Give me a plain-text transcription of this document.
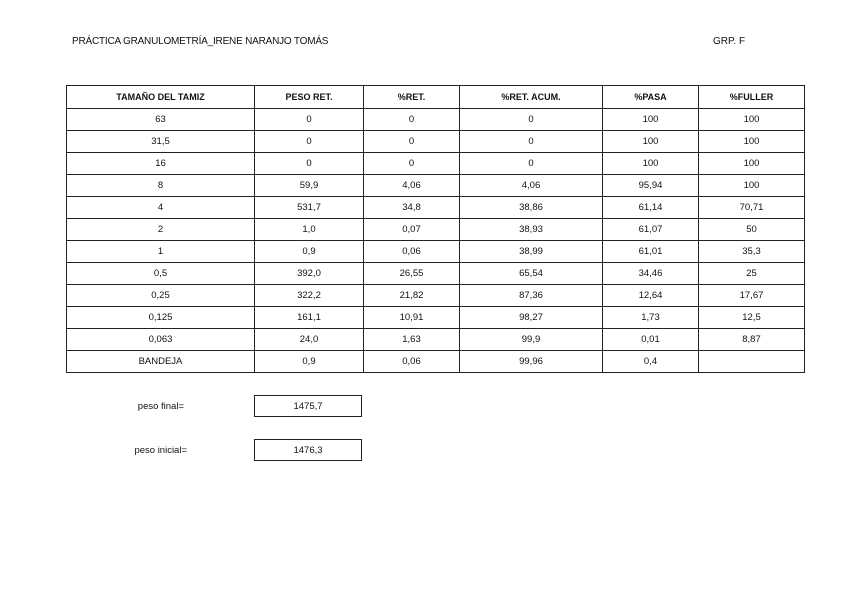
PRÁCTICA GRANULOMETRÍA_IRENE NARANJO TOMÁS	GRP. F
TAMAÑO DEL TAMIZ	PESO RET.	%RET.	%RET. ACUM.	%PASA	%FULLER
63	0	0	0	100	100
31,5	0	0	0	100	100
16	0	0	0	100	100
8	59,9	4,06	4,06	95,94	100
4	531,7	34,8	38,86	61,14	70,71
2	1,0	0,07	38,93	61,07	50
1	0,9	0,06	38,99	61,01	35,3
0,5	392,0	26,55	65,54	34,46	25
0,25	322,2	21,82	87,36	12,64	17,67
0,125	161,1	10,91	98,27	1,73	12,5
0,063	24,0	1,63	99,9	0,01	8,87
BANDEJA	0,9	0,06	99,96	0,4	
peso final=	1475,7
peso inicial=	1476,3
